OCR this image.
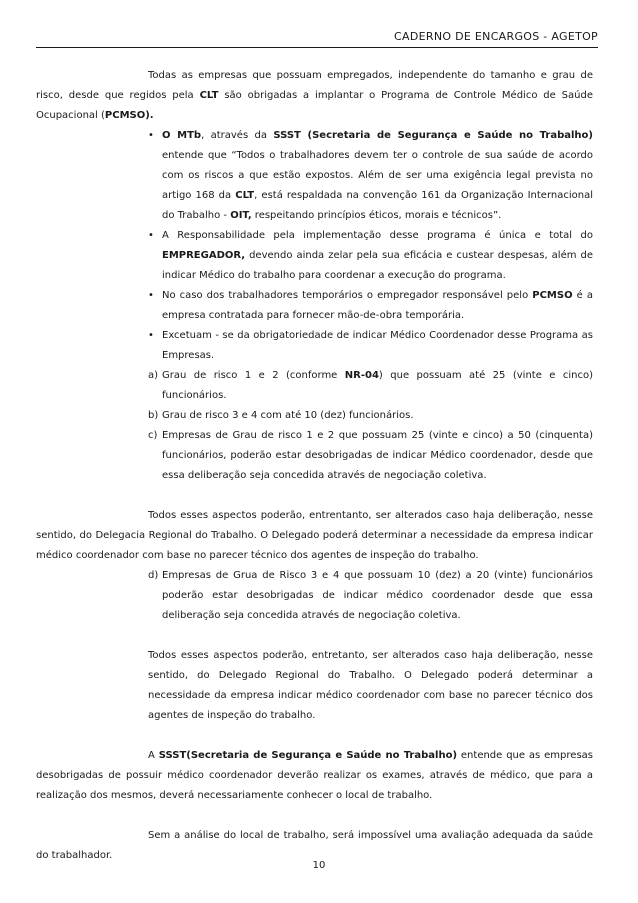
CADERNO DE ENCARGOS - AGETOP

Todas as empresas que possuam empregados, independente do tamanho e grau de risco, desde que regidos pela CLT são obrigadas a implantar o Programa de Controle Médico de Saúde Ocupacional (PCMSO).

• O MTb, através da SSST (Secretaria de Segurança e Saúde no Trabalho) entende que “Todos o trabalhadores devem ter o controle de sua saúde de acordo com os riscos a que estão expostos. Além de ser uma exigência legal prevista no artigo 168 da CLT, está respaldada na convenção 161 da Organização Internacional do Trabalho - OIT, respeitando princípios éticos, morais e técnicos”.
• A Responsabilidade pela implementação desse programa é única e total do EMPREGADOR, devendo ainda zelar pela sua eficácia e custear despesas, além de indicar Médico do trabalho para coordenar a execução do programa.
• No caso dos trabalhadores temporários o empregador responsável pelo PCMSO é a empresa contratada para fornecer mão-de-obra temporária.
• Excetuam - se da obrigatoriedade de indicar Médico Coordenador desse Programa as Empresas.
a) Grau de risco 1 e 2 (conforme NR-04) que possuam até 25 (vinte e cinco) funcionários.
b) Grau de risco 3 e 4 com até 10 (dez) funcionários.
c) Empresas de Grau de risco 1 e 2 que possuam 25 (vinte e cinco) a 50 (cinquenta) funcionários, poderão estar desobrigadas de indicar Médico coordenador, desde que essa deliberação seja concedida através de negociação coletiva.

Todos esses aspectos poderão, entrentanto, ser alterados caso haja deliberação, nesse sentido, do Delegacia Regional do Trabalho. O Delegado poderá determinar a necessidade da empresa indicar médico coordenador com base no parecer técnico dos agentes de inspeção do trabalho.

d) Empresas de Grua de Risco 3 e 4 que possuam 10 (dez) a 20 (vinte) funcionários poderão estar desobrigadas de indicar médico coordenador desde que essa deliberação seja concedida através de negociação coletiva.

Todos esses aspectos poderão, entretanto, ser alterados caso haja deliberação, nesse sentido, do Delegado Regional do Trabalho. O Delegado poderá determinar a necessidade da empresa indicar médico coordenador com base no parecer técnico dos agentes de inspeção do trabalho.

A SSST(Secretaria de Segurança e Saúde no Trabalho) entende que as empresas desobrigadas de possuir médico coordenador deverão realizar os exames, através de médico, que para a realização dos mesmos, deverá necessariamente conhecer o local de trabalho.

Sem a análise do local de trabalho, será impossível uma avaliação adequada da saúde do trabalhador.

10
